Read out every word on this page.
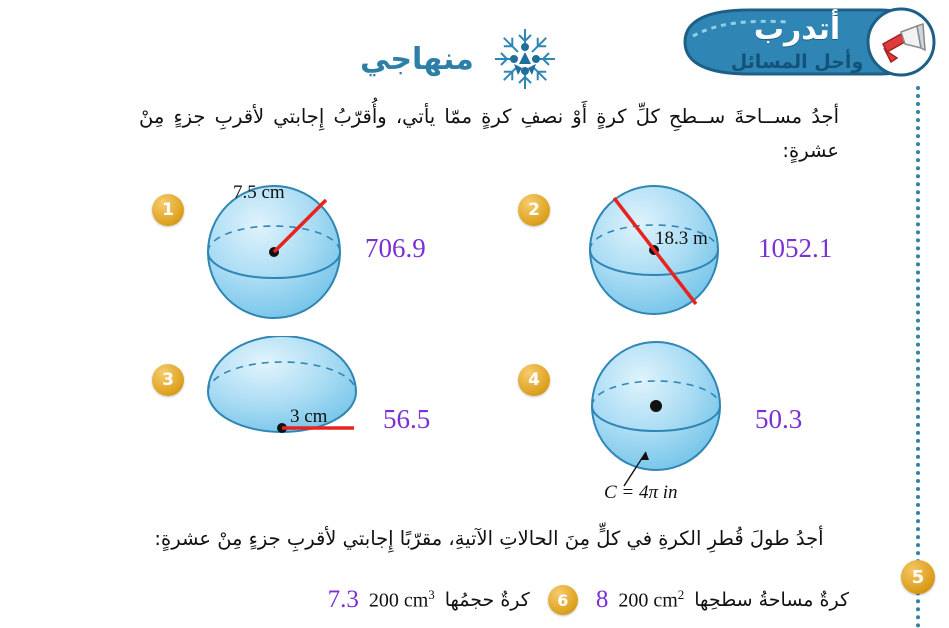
منهاجي
أتدرب
وأحل المسائل
5
أجدُ مســاحةَ ســطحِ كلِّ كرةٍ أَوْ نصفِ كرةٍ ممّا يأتي، وأُقرّبُ إِجابتي لأقربِ جزءٍ مِنْ عشرةٍ:
1
7.5 cm
706.9
2
18.3 m 1052.1
3
3 cm 56.5
4
C = 4π in
50.3
أجدُ طولَ قُطرِ الكرةِ في كلٍّ مِنَ الحالاتِ الآتيةِ، مقرّبًا إِجابتي لأقربِ جزءٍ مِنْ عشرةٍ:
كرةٌ مساحةُ سطحِها
200 $cm^2$
8
6
كرةٌ حجمُها
200 $cm^3$
7.3
